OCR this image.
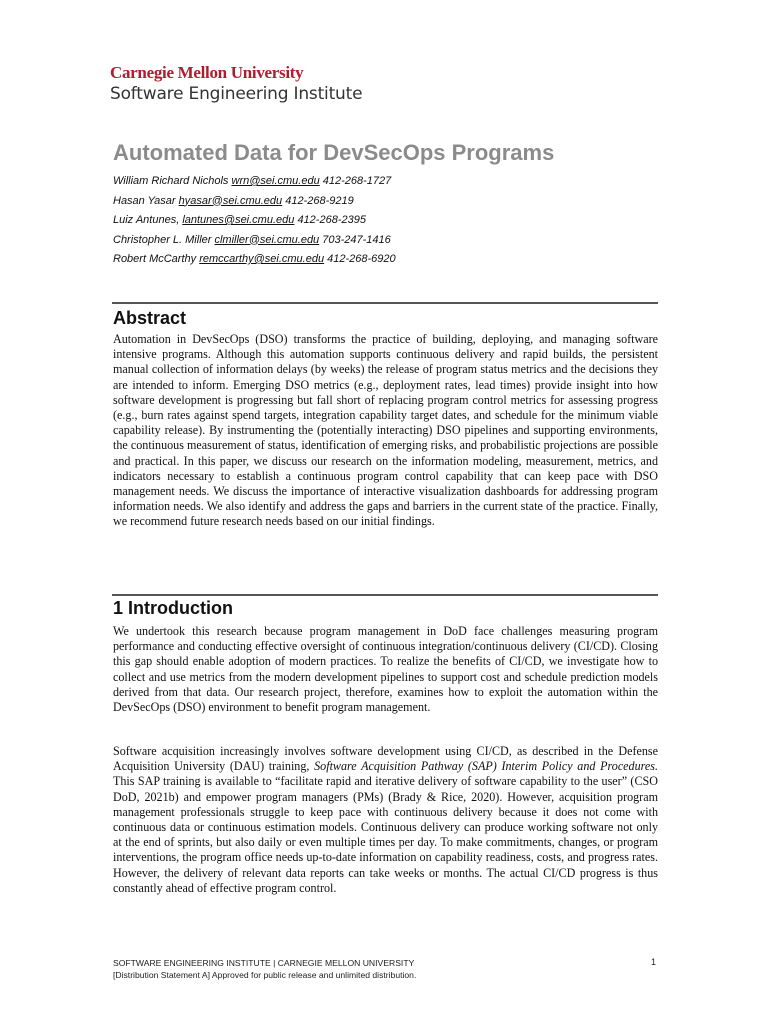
Carnegie Mellon University
Software Engineering Institute
Automated Data for DevSecOps Programs
William Richard Nichols wrn@sei.cmu.edu 412-268-1727
Hasan Yasar hyasar@sei.cmu.edu 412-268-9219
Luiz Antunes, lantunes@sei.cmu.edu 412-268-2395
Christopher L. Miller clmiller@sei.cmu.edu 703-247-1416
Robert McCarthy remccarthy@sei.cmu.edu 412-268-6920
Abstract

Automation in DevSecOps (DSO) transforms the practice of building, deploying, and managing software intensive programs. Although this automation supports continuous delivery and rapid builds, the persistent manual collection of information delays (by weeks) the release of program status metrics and the decisions they are intended to inform. Emerging DSO metrics (e.g., deployment rates, lead times) provide insight into how software development is progressing but fall short of replacing program control metrics for assessing progress (e.g., burn rates against spend targets, integration capability target dates, and schedule for the minimum viable capability release). By instrumenting the (potentially interacting) DSO pipelines and supporting environments, the continuous measurement of status, identification of emerging risks, and probabilistic projections are possible and practical. In this paper, we discuss our research on the information modeling, measurement, metrics, and indicators necessary to establish a continuous program control capability that can keep pace with DSO management needs. We discuss the importance of interactive visualization dashboards for addressing program information needs. We also identify and address the gaps and barriers in the current state of the practice. Finally, we recommend future research needs based on our initial findings.

1 Introduction

We undertook this research because program management in DoD face challenges measuring program performance and conducting effective oversight of continuous integration/continuous delivery (CI/CD). Closing this gap should enable adoption of modern practices. To realize the benefits of CI/CD, we investigate how to collect and use metrics from the modern development pipelines to support cost and schedule prediction models derived from that data. Our research project, therefore, examines how to exploit the automation within the DevSecOps (DSO) environment to benefit program management.

Software acquisition increasingly involves software development using CI/CD, as described in the Defense Acquisition University (DAU) training, Software Acquisition Pathway (SAP) Interim Policy and Procedures. This SAP training is available to “facilitate rapid and iterative delivery of software capability to the user” (CSO DoD, 2021b) and empower program managers (PMs) (Brady & Rice, 2020). However, acquisition program management professionals struggle to keep pace with continuous delivery because it does not come with continuous data or continuous estimation models. Continuous delivery can produce working software not only at the end of sprints, but also daily or even multiple times per day. To make commitments, changes, or program interventions, the program office needs up-to-date information on capability readiness, costs, and progress rates. However, the delivery of relevant data reports can take weeks or months. The actual CI/CD progress is thus constantly ahead of effective program control.

SOFTWARE ENGINEERING INSTITUTE | CARNEGIE MELLON UNIVERSITY
[Distribution Statement A] Approved for public release and unlimited distribution.
1
